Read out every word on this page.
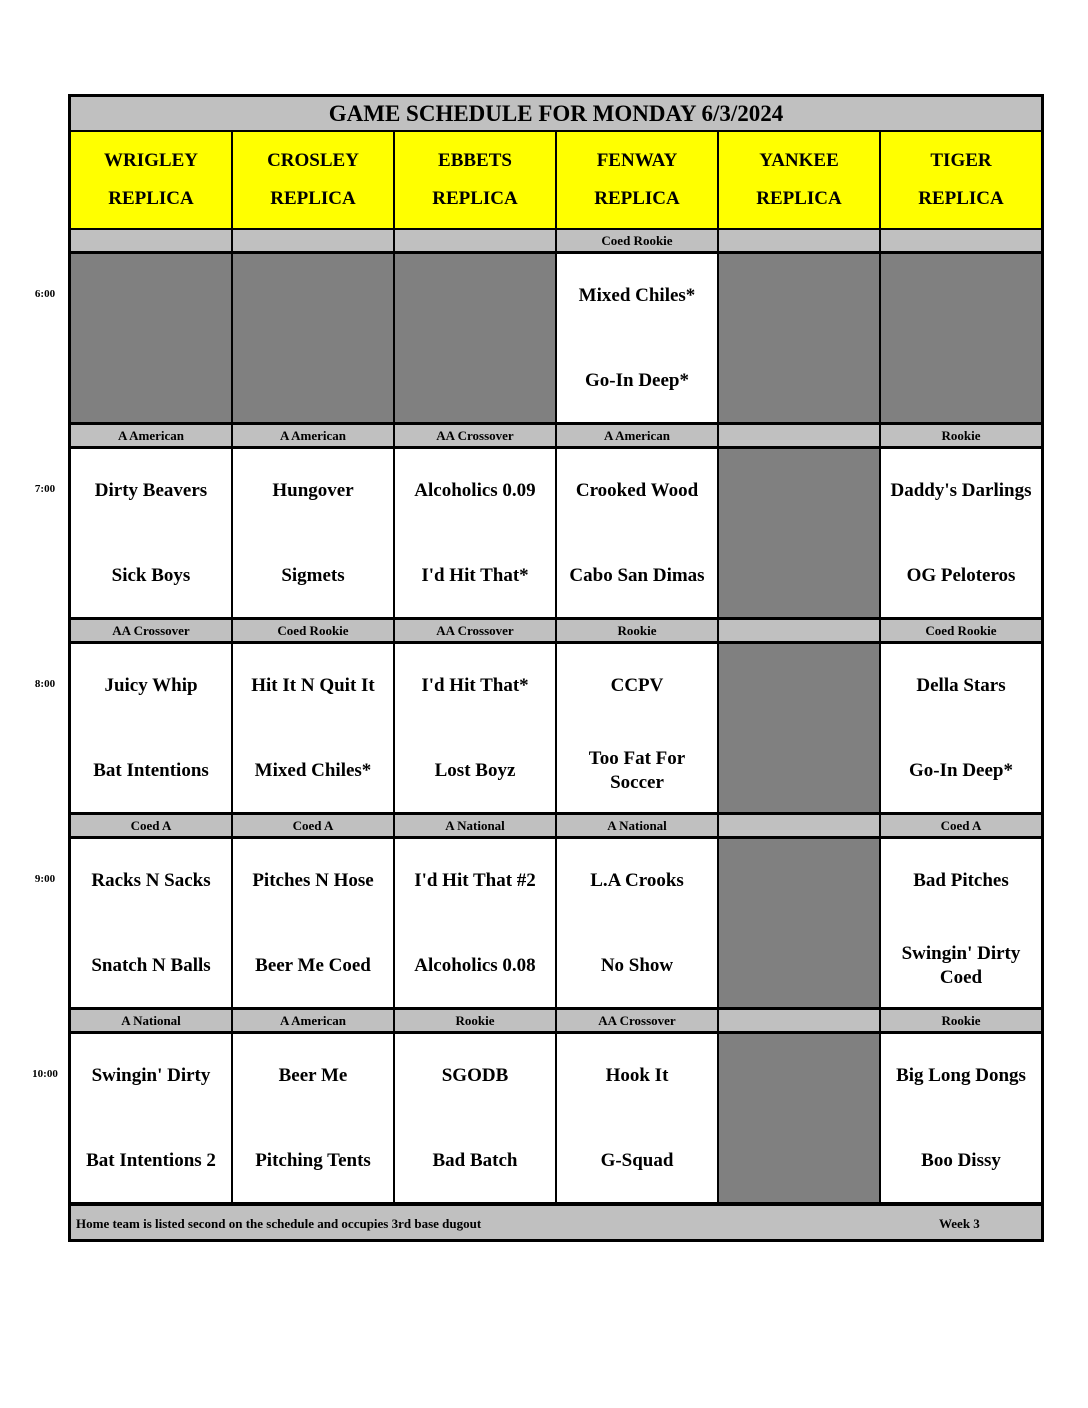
6:00
7:00
8:00
9:00
10:00
GAME SCHEDULE FOR MONDAY 6/3/2024
WRIGLEY
REPLICA
CROSLEY
REPLICA
EBBETS
REPLICA
FENWAY
REPLICA
YANKEE
REPLICA
TIGER
REPLICA
Coed Rookie
Mixed Chiles*
Go-In Deep*
A American
Dirty Beavers
Sick Boys
A American
Hungover
Sigmets
AA Crossover
Alcoholics 0.09
I'd Hit That*
A American
Crooked Wood
Cabo San Dimas
Rookie
Daddy's Darlings
OG Peloteros
AA Crossover
Juicy Whip
Bat Intentions
Coed Rookie
Hit It N Quit It
Mixed Chiles*
AA Crossover
I'd Hit That*
Lost Boyz
Rookie
CCPV
Too Fat For Soccer
Coed Rookie
Della Stars
Go-In Deep*
Coed A
Racks N Sacks
Snatch N Balls
Coed A
Pitches N Hose
Beer Me Coed
A National
I'd Hit That #2
Alcoholics 0.08
A National
L.A Crooks
No Show
Coed A
Bad Pitches
Swingin' Dirty Coed
A National
Swingin' Dirty
Bat Intentions 2
A American
Beer Me
Pitching Tents
Rookie
SGODB
Bad Batch
AA Crossover
Hook It
G-Squad
Rookie
Big Long Dongs
Boo Dissy
Home team is listed second on the schedule and occupies 3rd base dugout	Week 3
